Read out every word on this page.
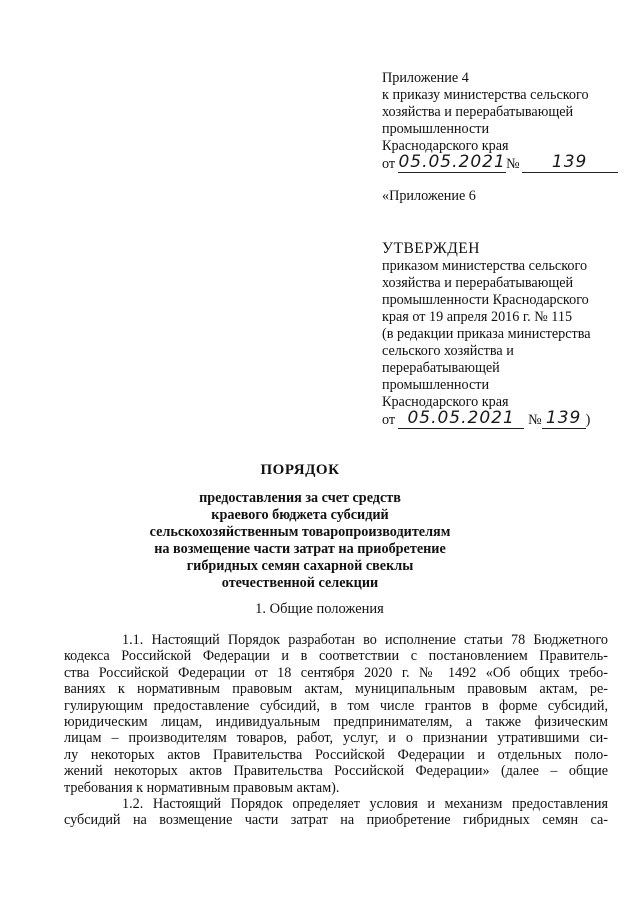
Приложение 4
к приказу министерства сельского
хозяйства и перерабатывающей
промышленности
Краснодарского края
от 05.05.2021 №	139
«Приложение 6
УТВЕРЖДЕН
приказом министерства сельского
хозяйства и перерабатывающей
промышленности Краснодарского
края от 19 апреля 2016 г. № 115
(в редакции приказа министерства
сельского хозяйства и
перерабатывающей
промышленности
Краснодарского края
от 05.05.2021 № 139 )
ПОРЯДОК
предоставления за счет средств
краевого бюджета субсидий
сельскохозяйственным товаропроизводителям
на возмещение части затрат на приобретение
гибридных семян сахарной свеклы
отечественной селекции
1. Общие положения
1.1. Настоящий Порядок разработан во исполнение статьи 78 Бюджетного
кодекса Российской Федерации и в соответствии с постановлением Правитель-
ства Российской Федерации от 18 сентября 2020 г. № 1492 «Об общих требо-
ваниях к нормативным правовым актам, муниципальным правовым актам, ре-
гулирующим предоставление субсидий, в том числе грантов в форме субсидий,
юридическим лицам, индивидуальным предпринимателям, а также физическим
лицам – производителям товаров, работ, услуг, и о признании утратившими си-
лу некоторых актов Правительства Российской Федерации и отдельных поло-
жений некоторых актов Правительства Российской Федерации» (далее – общие
требования к нормативным правовым актам).
1.2. Настоящий Порядок определяет условия и механизм предоставления
субсидий на возмещение части затрат на приобретение гибридных семян са-
